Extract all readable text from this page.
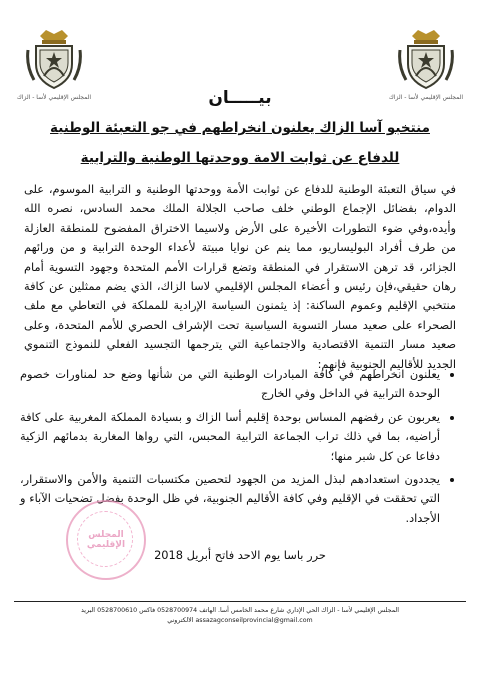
المجلس الإقليمي لأسا - الزاك	المجلس الإقليمي لأسا - الزاك
بيـــــان
منتخبو آسا الزاك يعلنون انخراطهم في جو التعبئة الوطنية
للدفاع عن ثوابت الامة ووحدتها الوطنية والترابية
في سياق التعبئة الوطنية للدفاع عن ثوابت الأمة ووحدتها الوطنية و الترابية الموسوم، على الدوام، بفضائل الإجماع الوطني خلف صاحب الجلالة الملك محمد السادس، نصره الله وأيده،وفي ضوء التطورات الأخيرة على الأرض ولاسيما الاختراق المفضوح للمنطقة العازلة من طرف أفراد البوليساريو، مما ينم عن نوايا مبيتة لأعداء الوحدة الترابية و من ورائهم الجزائر، قد ترهن الاستقرار في المنطقة وتضع قرارات الأمم المتحدة وجهود التسوية أمام رهان حقيقي،فإن رئيس و أعضاء المجلس الإقليمي لاسا الزاك، الذي يضم ممثلين عن كافة منتخبي الإقليم وعموم الساكنة: إذ يثمنون السياسة الإرادية للمملكة في التعاطي مع ملف الصحراء على صعيد مسار التسوية السياسية تحت الإشراف الحصري للأمم المتحدة، وعلى صعيد مسار التنمية الاقتصادية والاجتماعية التي يترجمها التجسيد الفعلي للنموذج التنموي الجديد للأقاليم الجنوبية فإنهم:
• يعلنون انخراطهم في كافة المبادرات الوطنية التي من شأنها وضع حد لمناورات خصوم الوحدة الترابية في الداخل وفي الخارج
• يعربون عن رفضهم المساس بوحدة إقليم أسا الزاك و بسيادة المملكة المغربية على كافة أراضيه، بما في ذلك تراب الجماعة الترابية المحبس، التي رواها المغاربة بدمائهم الزكية دفاعا عن كل شبر منها؛
• يجددون استعدادهم لبذل المزيد من الجهود لتحصين مكتسبات التنمية والأمن والاستقرار، التي تحققت في الإقليم وفي كافة الأقاليم الجنوبية، في ظل الوحدة بفضل تضحيات الآباء و الأجداد.
المجلس الإقليمي
حرر باسا يوم الاحد فاتح أبريل 2018
المجلس الإقليمي لأسا - الزاك الحي الإداري شارع محمد الخامس أسا. الهاتف 0528700974 فاكس 0528700610 البريد
assazagconseilprovincial@gmail.com الالكتروني
